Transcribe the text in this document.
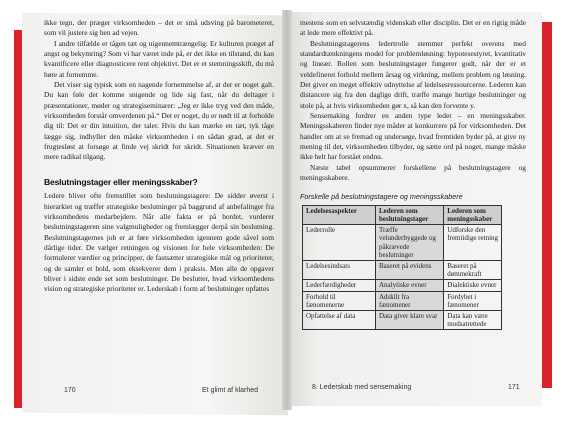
ikke tegn, der præger virksomheden – det er små udsving på barometeret, som vil justere sig hen ad vejen.

I andre tilfælde er tågen tæt og uigennemtrængelig: Er kulturen præget af angst og bekymring? Som vi har været inde på, er det ikke en tilstand, du kan kvantificere eller diagnosticere rent objektivt. Det er et stemningsskift, du må høre at fornemme.

Det viser sig typisk som en nagende fornemmelse af, at der er noget galt. Du kan føle det komme snigende og lide sig fast, når du deltager i præsentationer, møder og strategiseminarer: „Jeg er ikke tryg ved den måde, virksomheden forstår omverdenen på.“ Det er noget, du er nødt til at forholde dig til: Det er din intuition, der taler. Hvis du kan mærke en tæt, tyk tåge lægge sig, indhyller den måske virksomheden i en sådan grad, at det er frugtesløst at forsøge at finde vej skridt for skridt. Situationen kræver en mere radikal tilgang.

Beslutningstager eller meningsskaber?

Ledere bliver ofte fremstillet som beslutningstagere: De sidder øverst i hierarkiet og træffer strategiske beslutninger på baggrund af anbefalinger fra virksomhedens medarbejdere. Når alle fakta er på bordet, vurderer beslutningstageren sine valgmuligheder og fremlægger derpå sin beslutning. Beslutningstagernes job er at føre virksomheden igennem gode såvel som dårlige tider. De vælger retningen og visionen for hele virksomheden: De formulerer værdier og principper, de fastsætter strategiske mål og prioriteter, og de samler et hold, som eksekverer dem i praksis. Men alle de opgaver bliver i sidste ende set som beslutninger. De beslutter, hvad virksomhedens vision og strategiske prioriteter er. Lederskab i form af beslutninger opfattes

mestens som en selvstændig videnskab eller disciplin. Det er en rigtig måde at lede mere effektivt på.

Beslutningstagerens ledertrolle stemmer perfekt overens med standardtænkningens model for problemløsning: hypotesestyret, kvantitativ og lineær. Rollen som beslutningstager fungerer godt, når der er et veldefineret forhold mellem årsag og virkning, mellem problem og løsning. Det giver en meget effektiv udnyttelse af ledelsesressourcerne. Lederen kan distancere sig fra den daglige drift, træffe mange hurtige beslutninger og stole på, at hvis virksomheden gør x, så kan den forvente y.

Sensemaking fordrer en anden type leder – en meningsskaber. Meningsskaberen finder nye måder at konkurrere på for virksomheden. Det handler om at se fremad og undersøge, hvad fremtiden byder på, at give ny mening til det, virksomheden tilbyder, og sætte ord på noget, mange måske ikke helt har forstået endnu.

Næste tabel opsummerer forskellene på beslutningstagere og meningsskabere.

Forskelle på beslutningstagere og meningsskabere
Ledelsesaspekter	Lederen som beslutningstager	Lederen som meningsskaber
Lederrolle	Træffe velunderbyggede og påkrævede beslutninger	Udforske den fremtidige retning
Ledelsesindsats	Baseret på evidens	Baseret på dømmekraft
Lederfærdigheder	Analytiske evner	Dialektiske evner
Forhold til fænomenerne	Adskilt fra fænomener	Fordybet i fænomener
Opfattelse af data	Data giver klare svar	Data kan være modsatrettede
170	Et glimt af klarhed	8. Lederskab med sensemaking	171
